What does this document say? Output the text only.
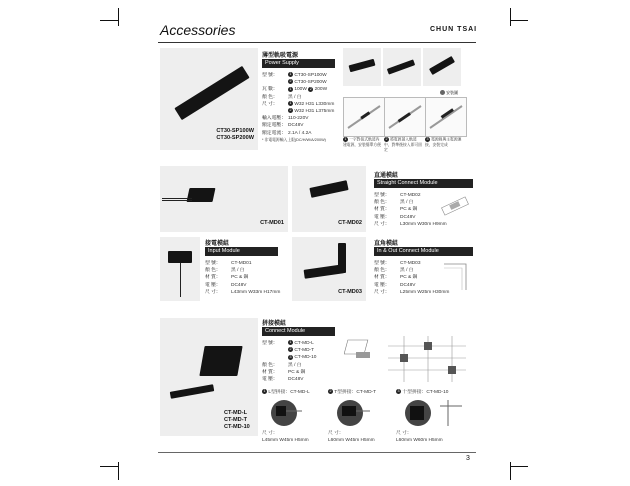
Accessories	CHUN TSAI
CT30-SP100W
CT30-SP200W
薄型軌吸電源
Power Supply
型 號：	1 CT30-SP100W
2 CT30-SP200W
瓦 數：	1 100W 2 200W
顏 色： 黑 / 白
尺 寸：	1 W32 H31 L330mm
2 W32 H31 L375mm
輸入電壓： 110-220V
額定電壓： DC48V
額定電流： 2.1A / 4.2A
* 非電電源輸入上限(DC/H/W/A/200W)
安裝圖
1 一字對接式軌道內建電源，安裝簡單方便
2 將電源插入軌道中，對準後按入即可固定
3 電源線與主電源連接，安裝完成
CT-MD01
接電模組
Input Module
型 號： CT-MD01
顏 色： 黑 / 白
材 質： PC & 鋼
電 壓： DC48V
尺 寸： L43mm W33m H17mm
CT-MD02
直通模組
Straight Connect Module
型 號： CT-MD02
顏 色： 黑 / 白
材 質： PC & 鋼
電 壓： DC48V
尺 寸： L30mm W30m H9mm
CT-MD03
直角模組
In & Out Connect Module
型 號： CT-MD03
顏 色： 黑 / 白
材 質： PC & 鋼
電 壓： DC48V
尺 寸： L25mm W25m H30mm
CT-MD-L
CT-MD-T
CT-MD-10
拼接模組
Connect Module
型 號：	1 CT-MD-L
2 CT-MD-T
3 CT-MD-10
顏 色： 黑 / 白
材 質： PC & 鋼
電 壓： DC48V
1 L型拼接：CT-MD-L
尺 寸：
L45mm W45m H5mm
2 T型拼接：CT-MD-T
尺 寸：
L60mm W45m H5mm
3 十型拼接：CT-MD-10
尺 寸：
L60mm W60m H5mm
3
